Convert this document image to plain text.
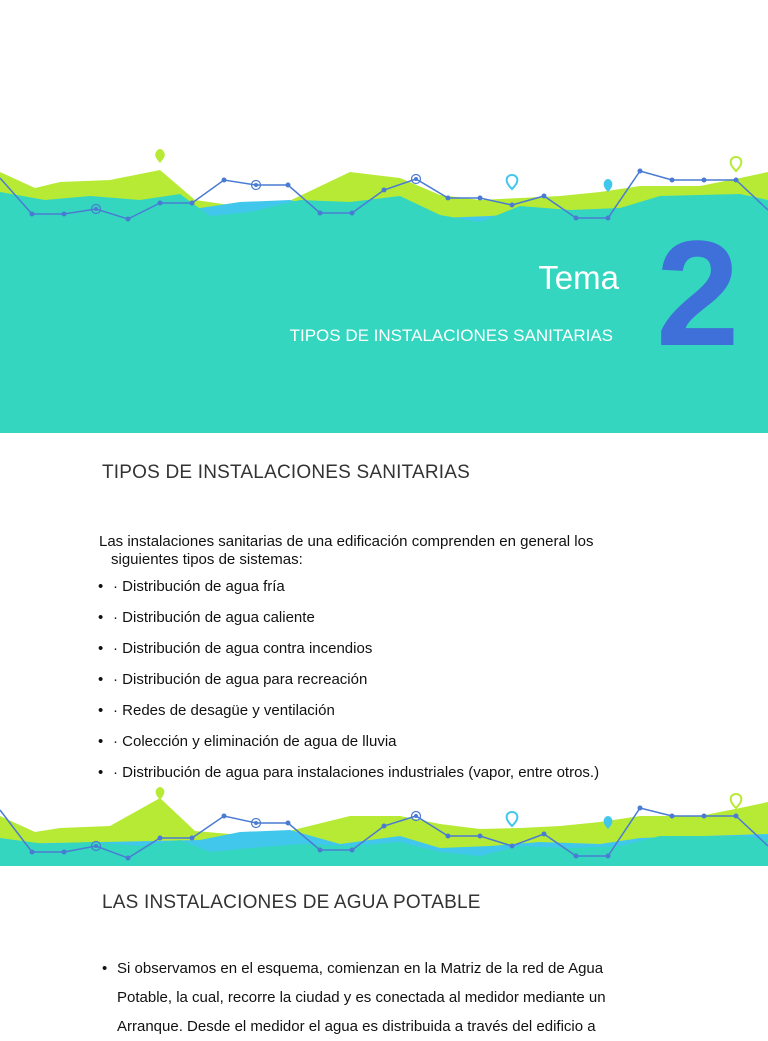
Tema
TIPOS DE INSTALACIONES SANITARIAS 2
TIPOS DE INSTALACIONES SANITARIAS
Las instalaciones sanitarias de una edificación comprenden en general los
siguientes tipos de sistemas:
• · Distribución de agua fría
• · Distribución de agua caliente
• · Distribución de agua contra incendios
• · Distribución de agua para recreación
• · Redes de desagüe y ventilación
• · Colección y eliminación de agua de lluvia
• · Distribución de agua para instalaciones industriales (vapor, entre otros.)
LAS INSTALACIONES DE AGUA POTABLE
• Si observamos en el esquema, comienzan en la Matriz de la red de Agua Potable, la cual, recorre la ciudad y es conectada al medidor mediante un Arranque. Desde el medidor el agua es distribuida a través del edificio a
